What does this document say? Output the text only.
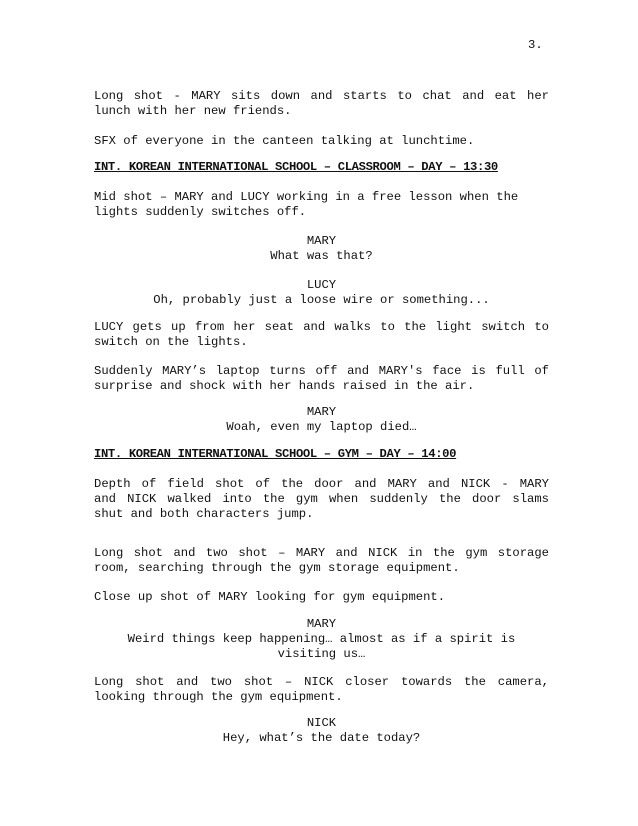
3.
Long shot - MARY sits down and starts to chat and eat her
lunch with her new friends.
SFX of everyone in the canteen talking at lunchtime.
INT. KOREAN INTERNATIONAL SCHOOL – CLASSROOM – DAY – 13:30
Mid shot – MARY and LUCY working in a free lesson when the
lights suddenly switches off.
MARY
What was that?
LUCY
Oh, probably just a loose wire or something...
LUCY gets up from her seat and walks to the light switch to
switch on the lights.
Suddenly MARY’s laptop turns off and MARY's face is full of
surprise and shock with her hands raised in the air.
MARY
Woah, even my laptop died…
INT. KOREAN INTERNATIONAL SCHOOL – GYM – DAY – 14:00
Depth of field shot of the door and MARY and NICK - MARY
and NICK walked into the gym when suddenly the door slams
shut and both characters jump.
Long shot and two shot – MARY and NICK in the gym storage
room, searching through the gym storage equipment.
Close up shot of MARY looking for gym equipment.
MARY
Weird things keep happening… almost as if a spirit is
visiting us…
Long shot and two shot – NICK closer towards the camera,
looking through the gym equipment.
NICK
Hey, what’s the date today?
